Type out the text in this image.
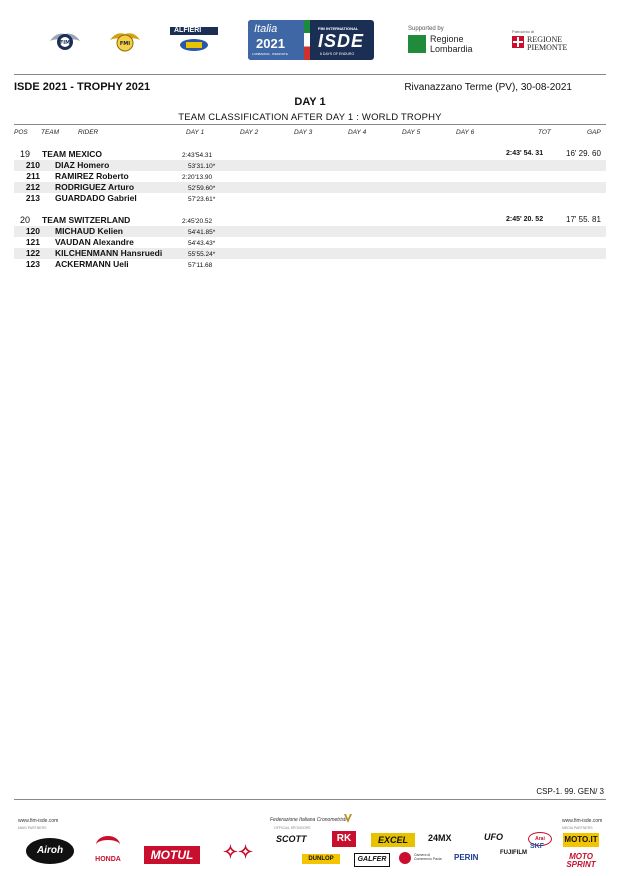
FIM	FMI
ALFIERI	Italia
2021
LOMBARDIA · PIEMONTE
FIM INTERNATIONAL
ISDE
6 DAYS OF ENDURO
Supported by
Regione
Lombardia
Patrocinio di
REGIONE
PIEMONTE
ISDE 2021 - TROPHY 2021	Rivanazzano Terme (PV), 30-08-2021
DAY 1
TEAM CLASSIFICATION AFTER DAY 1 : WORLD TROPHY
POS TEAM	RIDER	DAY 1	DAY 2	DAY 3	DAY 4	DAY 5	DAY 6	TOT	GAP
19 TEAM MEXICO	2:43'54.31	2:43' 54. 31	16' 29. 60
210 DIAZ Homero	53'31.10*
211 RAMIREZ Roberto	2:20'13.90
212 RODRIGUEZ Arturo	52'59.60*
213 GUARDADO Gabriel	57'23.61*
20 TEAM SWITZERLAND	2:45'20.52	2:45' 20. 52	17' 55. 81
120 MICHAUD Kelien	54'41.85*
121 VAUDAN Alexandre	54'43.43*
122 KILCHENMANN Hansruedi	55'55.24*
123 ACKERMANN Ueli	57'11.68
CSP-1. 99. GEN/ 3
www.fim-isde.com	Federazione Italiana Cronometristi	www.fim-isde.com
MAIN PARTNERS	OFFICIAL SPONSORS	MEDIA PARTNERS
Airoh
HONDA	MOTUL	✧✧
SCOTT	RK	EXCEL	24MX	UFO	Arai	MOTO.IT
DUNLOP	GALFER
Camera di Commercio Pavia	PERIN	FUJIFILM
SKF
MOTO SPRINT
